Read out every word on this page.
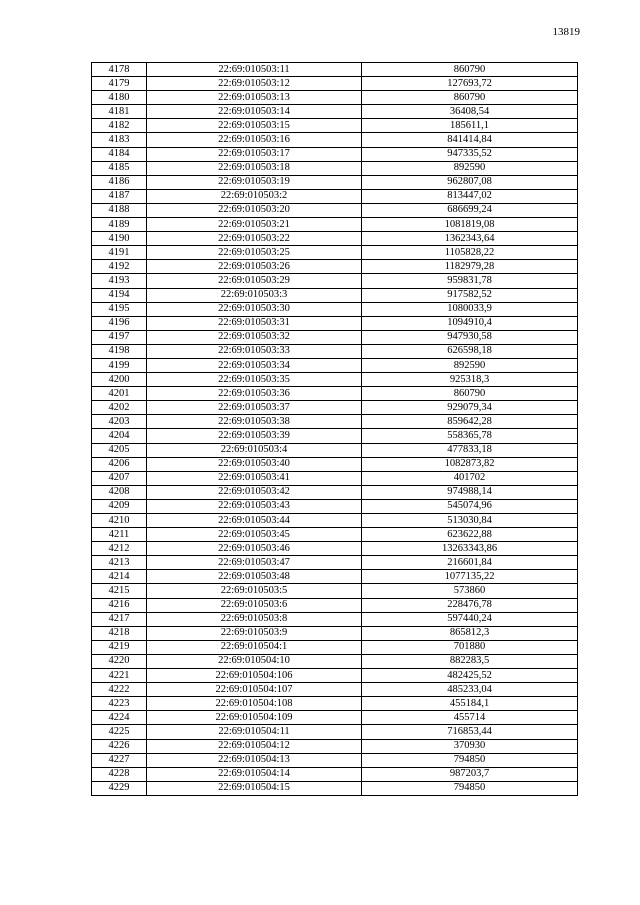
13819
4178	22:69:010503:11	860790
4179	22:69:010503:12	127693,72
4180	22:69:010503:13	860790
4181	22:69:010503:14	36408,54
4182	22:69:010503:15	185611,1
4183	22:69:010503:16	841414,84
4184	22:69:010503:17	947335,52
4185	22:69:010503:18	892590
4186	22:69:010503:19	962807,08
4187	22:69:010503:2	813447,02
4188	22:69:010503:20	686699,24
4189	22:69:010503:21	1081819,08
4190	22:69:010503:22	1362343,64
4191	22:69:010503:25	1105828,22
4192	22:69:010503:26	1182979,28
4193	22:69:010503:29	959831,78
4194	22:69:010503:3	917582,52
4195	22:69:010503:30	1080033,9
4196	22:69:010503:31	1094910,4
4197	22:69:010503:32	947930,58
4198	22:69:010503:33	626598,18
4199	22:69:010503:34	892590
4200	22:69:010503:35	925318,3
4201	22:69:010503:36	860790
4202	22:69:010503:37	929079,34
4203	22:69:010503:38	859642,28
4204	22:69:010503:39	558365,78
4205	22:69:010503:4	477833,18
4206	22:69:010503:40	1082873,82
4207	22:69:010503:41	401702
4208	22:69:010503:42	974988,14
4209	22:69:010503:43	545074,96
4210	22:69:010503:44	513030,84
4211	22:69:010503:45	623622,88
4212	22:69:010503:46	13263343,86
4213	22:69:010503:47	216601,84
4214	22:69:010503:48	1077135,22
4215	22:69:010503:5	573860
4216	22:69:010503:6	228476,78
4217	22:69:010503:8	597440,24
4218	22:69:010503:9	865812,3
4219	22:69:010504:1	701880
4220	22:69:010504:10	882283,5
4221	22:69:010504:106	482425,52
4222	22:69:010504:107	485233,04
4223	22:69:010504:108	455184,1
4224	22:69:010504:109	455714
4225	22:69:010504:11	716853,44
4226	22:69:010504:12	370930
4227	22:69:010504:13	794850
4228	22:69:010504:14	987203,7
4229	22:69:010504:15	794850
